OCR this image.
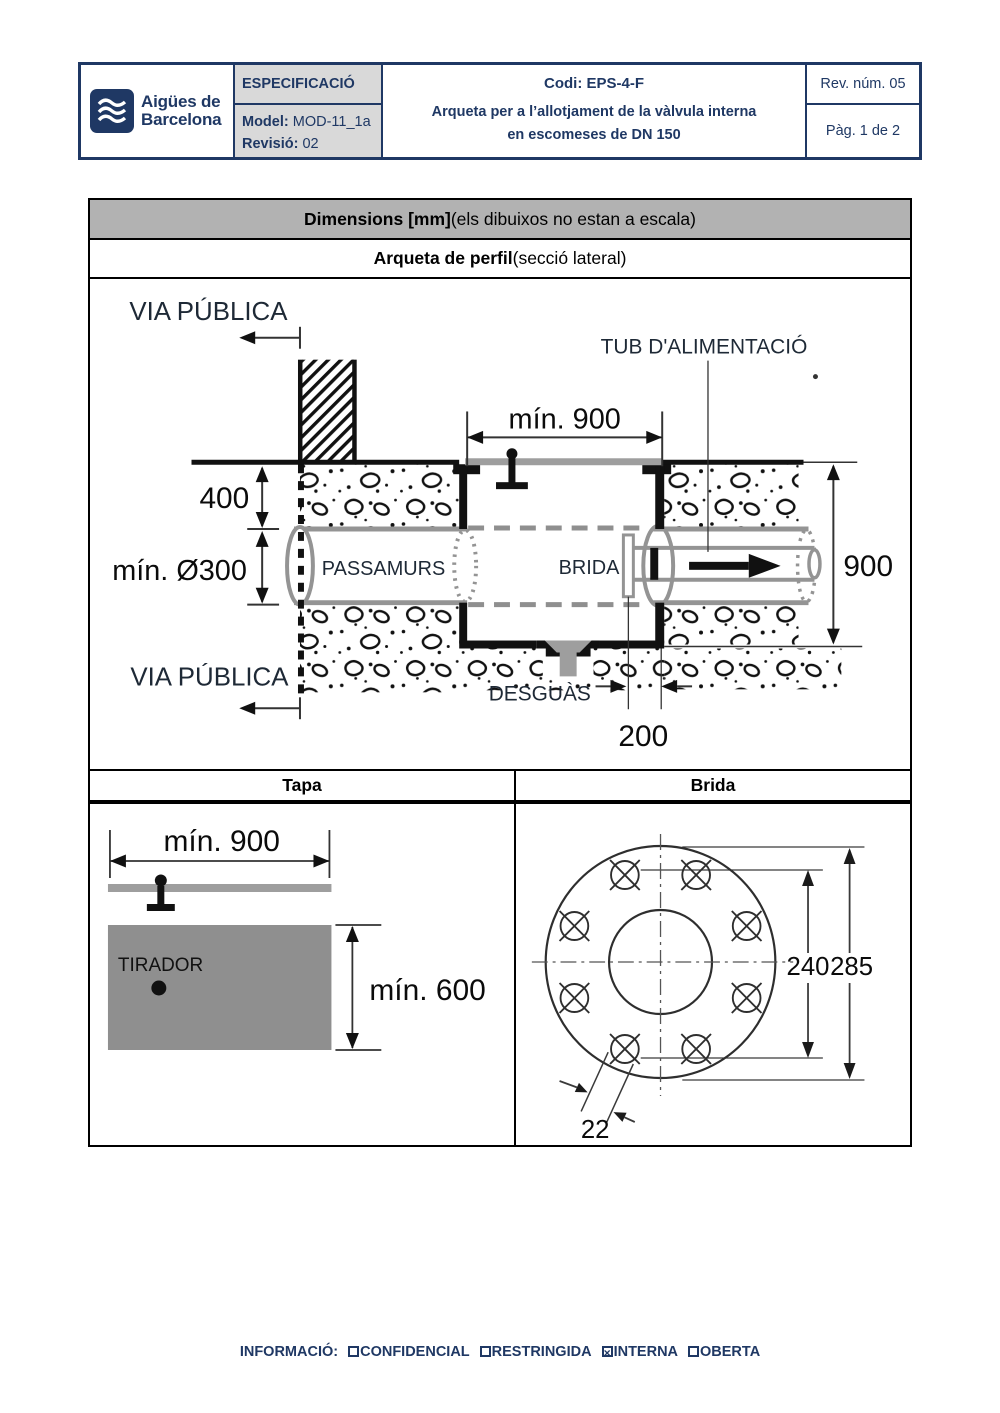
Aigües de
Barcelona
ESPECIFICACIÓ
Model: MOD-11_1a
Revisió: 02
Codi: EPS-4-F
Arqueta per a l’allotjament de la vàlvula interna
en escomeses de DN 150
Rev. núm. 05
Pàg. 1 de 2
Dimensions [mm] (els dibuixos no estan a escala)
Arqueta de perfil (secció lateral)
VIA PÚBLICA
TUB D'ALIMENTACIÓ
mín. 900
400
mín. Ø300	PASSAMURS	BRIDA	900
DESGUÀS
200
VIA PÚBLICA
Tapa	Brida
mín. 900
TIRADOR
mín. 600
240 285
22
INFORMACIÓ: CONFIDENCIAL RESTRINGIDA × INTERNA OBERTA
